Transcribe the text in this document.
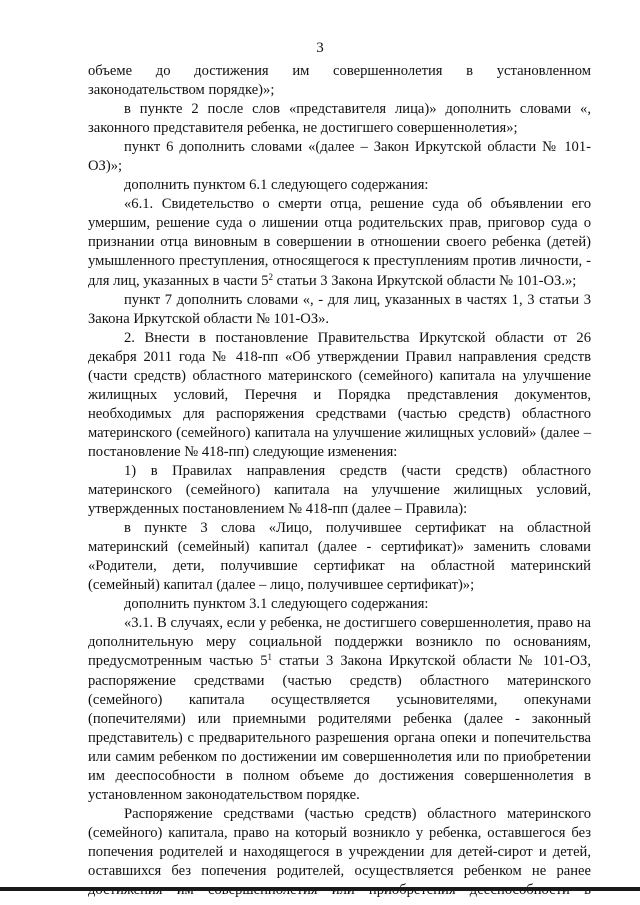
3

объеме до достижения им совершеннолетия в установленном законодательством порядке)»;

в пункте 2 после слов «представителя лица)» дополнить словами «, законного представителя ребенка, не достигшего совершеннолетия»;

пункт 6 дополнить словами «(далее – Закон Иркутской области № 101-ОЗ)»;

дополнить пунктом 6.1 следующего содержания:

«6.1. Свидетельство о смерти отца, решение суда об объявлении его умершим, решение суда о лишении отца родительских прав, приговор суда о признании отца виновным в совершении в отношении своего ребенка (детей) умышленного преступления, относящегося к преступлениям против личности, - для лиц, указанных в части $5^2$ статьи 3 Закона Иркутской области № 101-ОЗ.»;

пункт 7 дополнить словами «, - для лиц, указанных в частях 1, 3 статьи 3 Закона Иркутской области № 101-ОЗ».

2. Внести в постановление Правительства Иркутской области от 26 декабря 2011 года № 418-пп «Об утверждении Правил направления средств (части средств) областного материнского (семейного) капитала на улучшение жилищных условий, Перечня и Порядка представления документов, необходимых для распоряжения средствами (частью средств) областного материнского (семейного) капитала на улучшение жилищных условий» (далее – постановление № 418-пп) следующие изменения:

1) в Правилах направления средств (части средств) областного материнского (семейного) капитала на улучшение жилищных условий, утвержденных постановлением № 418-пп (далее – Правила):

в пункте 3 слова «Лицо, получившее сертификат на областной материнский (семейный) капитал (далее - сертификат)» заменить словами «Родители, дети, получившие сертификат на областной материнский (семейный) капитал (далее – лицо, получившее сертификат)»;

дополнить пунктом 3.1 следующего содержания:

«3.1. В случаях, если у ребенка, не достигшего совершеннолетия, право на дополнительную меру социальной поддержки возникло по основаниям, предусмотренным частью $5^1$ статьи 3 Закона Иркутской области № 101-ОЗ, распоряжение средствами (частью средств) областного материнского (семейного) капитала осуществляется усыновителями, опекунами (попечителями) или приемными родителями ребенка (далее - законный представитель) с предварительного разрешения органа опеки и попечительства или самим ребенком по достижении им совершеннолетия или по приобретении им дееспособности в полном объеме до достижения совершеннолетия в установленном законодательством порядке.

Распоряжение средствами (частью средств) областного материнского (семейного) капитала, право на который возникло у ребенка, оставшегося без попечения родителей и находящегося в учреждении для детей-сирот и детей, оставшихся без попечения родителей, осуществляется ребенком не ранее
